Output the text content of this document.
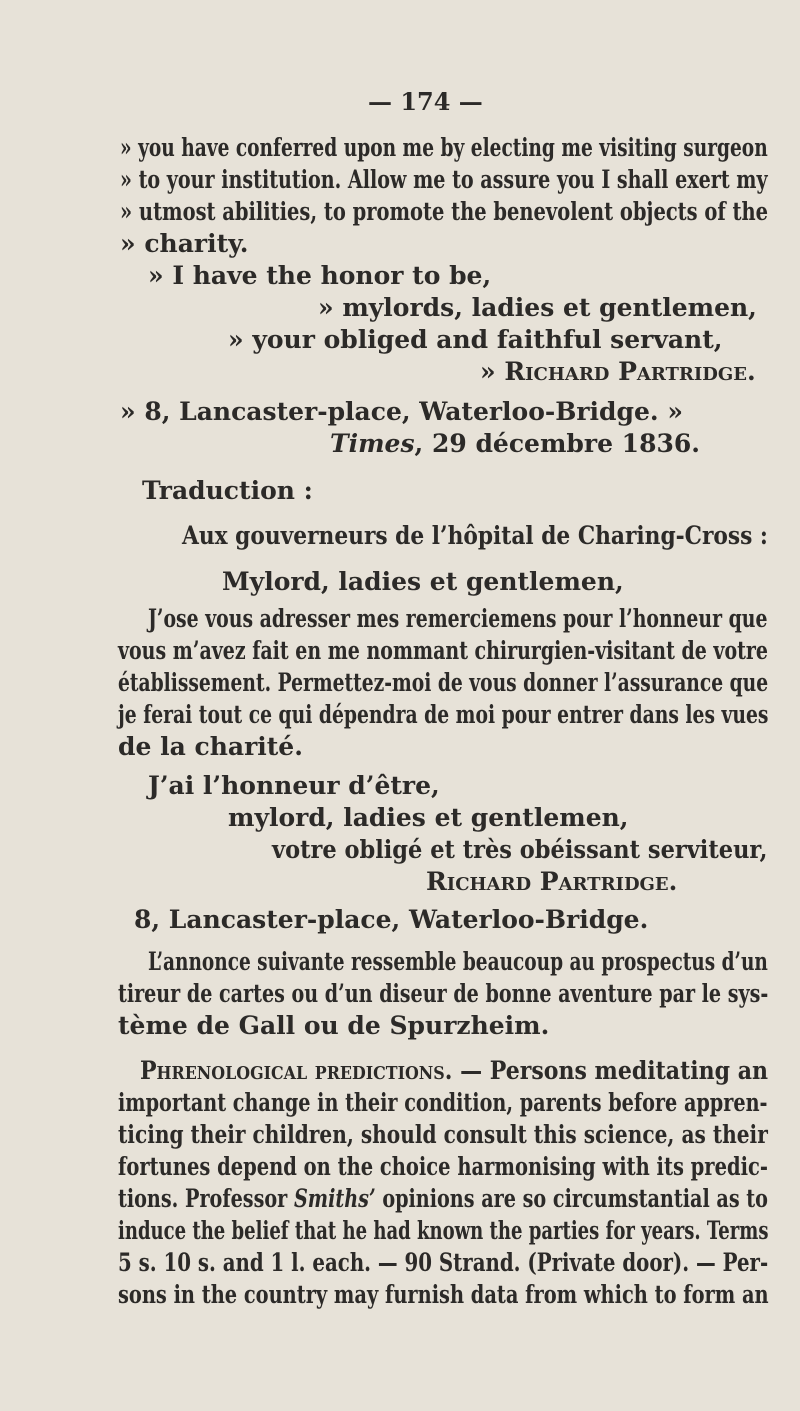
— 174 —
» you have conferred upon me by electing me visiting surgeon
» to your institution. Allow me to assure you I shall exert my
» utmost abilities, to promote the benevolent objects of the
» charity.
» I have the honor to be,
» mylords, ladies et gentlemen,
» your obliged and faithful servant,
» Richard Partridge.
» 8, Lancaster-place, Waterloo-Bridge. »
Times, 29 décembre 1836.
Traduction :
Aux gouverneurs de l’hôpital de Charing-Cross :
Mylord, ladies et gentlemen,
J’ose vous adresser mes remerciemens pour l’honneur que
vous m’avez fait en me nommant chirurgien-visitant de votre
établissement. Permettez-moi de vous donner l’assurance que
je ferai tout ce qui dépendra de moi pour entrer dans les vues
de la charité.
J’ai l’honneur d’être,
mylord, ladies et gentlemen,
votre obligé et très obéissant serviteur,
Richard Partridge.
8, Lancaster-place, Waterloo-Bridge.
L’annonce suivante ressemble beaucoup au prospectus d’un
tireur de cartes ou d’un diseur de bonne aventure par le sys-
tème de Gall ou de Spurzheim.
Phrenological predictions. — Persons meditating an
important change in their condition, parents before appren-
ticing their children, should consult this science, as their
fortunes depend on the choice harmonising with its predic-
tions. Professor Smiths’ opinions are so circumstantial as to
induce the belief that he had known the parties for years. Terms
5 s. 10 s. and 1 l. each. — 90 Strand. (Private door). — Per-
sons in the country may furnish data from which to form an
